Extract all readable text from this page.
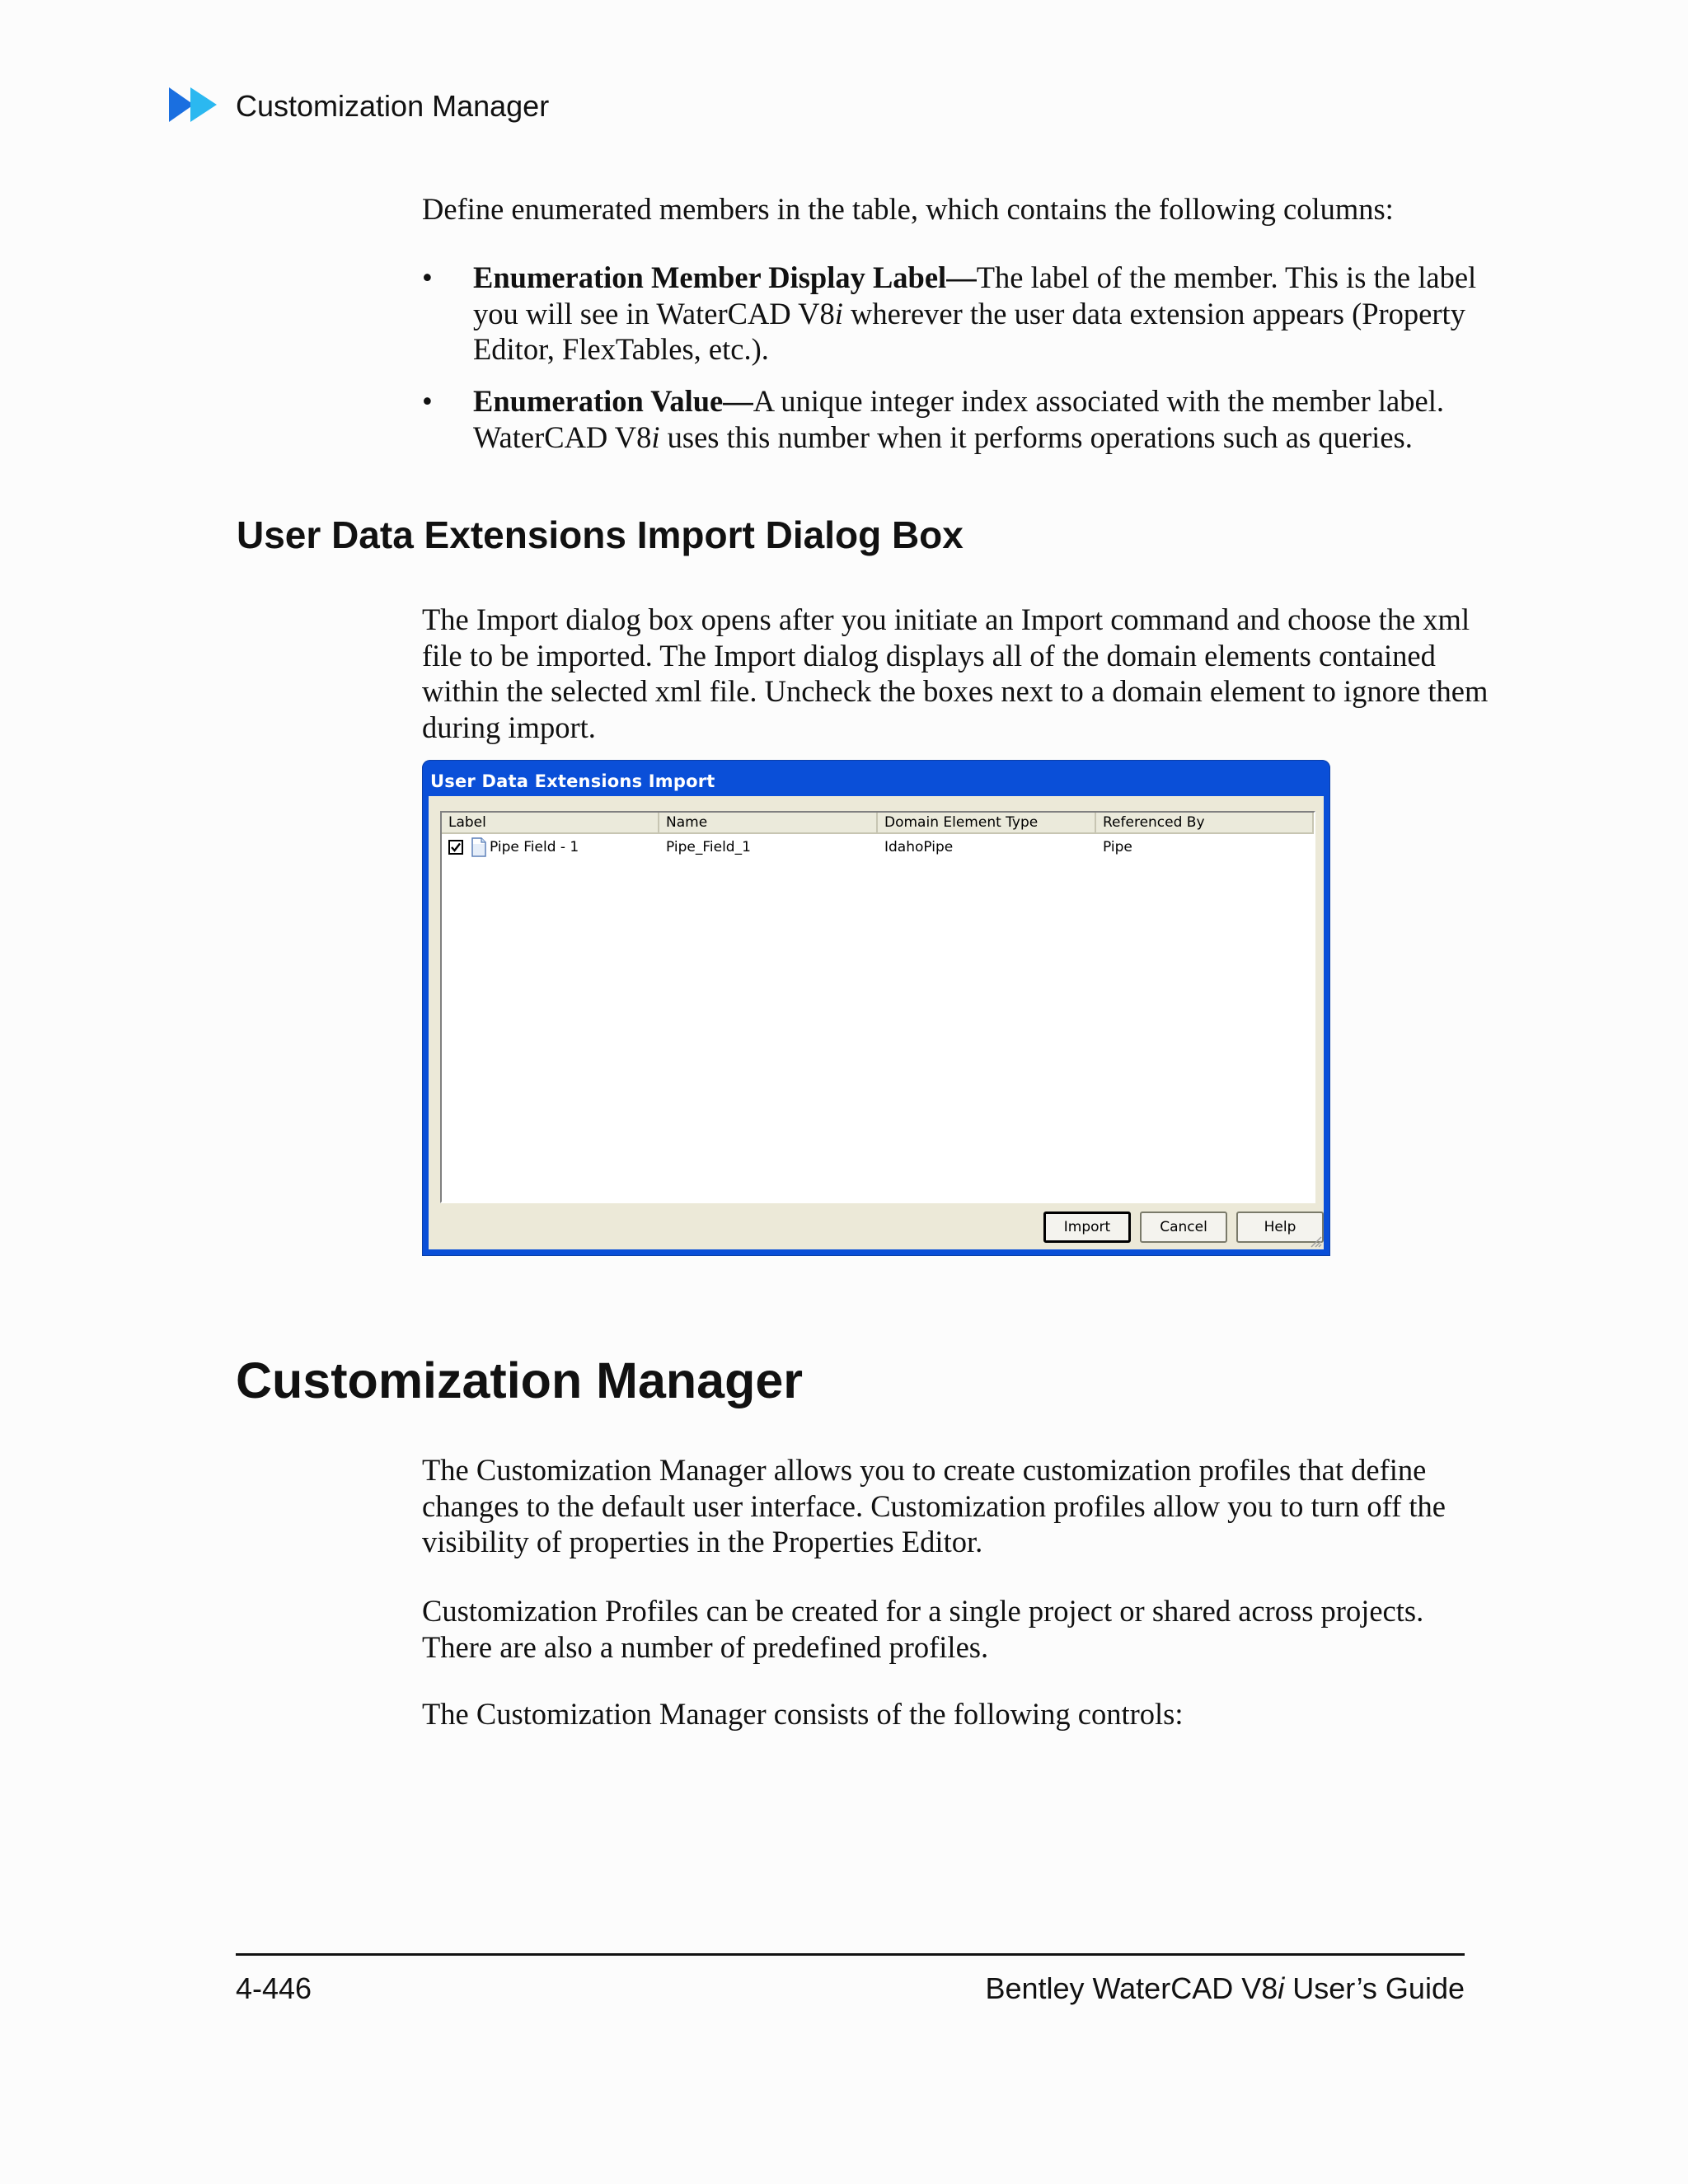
Customization Manager
Define enumerated members in the table, which contains the following columns:
• Enumeration Member Display Label—The label of the member. This is the label you will see in WaterCAD V8i wherever the user data extension appears (Property Editor, FlexTables, etc.).
• Enumeration Value—A unique integer index associated with the member label. WaterCAD V8i uses this number when it performs operations such as queries.
User Data Extensions Import Dialog Box
The Import dialog box opens after you initiate an Import command and choose the xml file to be imported. The Import dialog displays all of the domain elements contained within the selected xml file. Uncheck the boxes next to a domain element to ignore them during import.
User Data Extensions Import
Label	Name	Domain Element Type	Referenced By
Pipe Field - 1	Pipe_Field_1	IdahoPipe	Pipe
Import	Cancel	Help
Customization Manager
The Customization Manager allows you to create customization profiles that define changes to the default user interface. Customization profiles allow you to turn off the visibility of properties in the Properties Editor.
Customization Profiles can be created for a single project or shared across projects. There are also a number of predefined profiles.
The Customization Manager consists of the following controls:
4-446	Bentley WaterCAD V8i User’s Guide
